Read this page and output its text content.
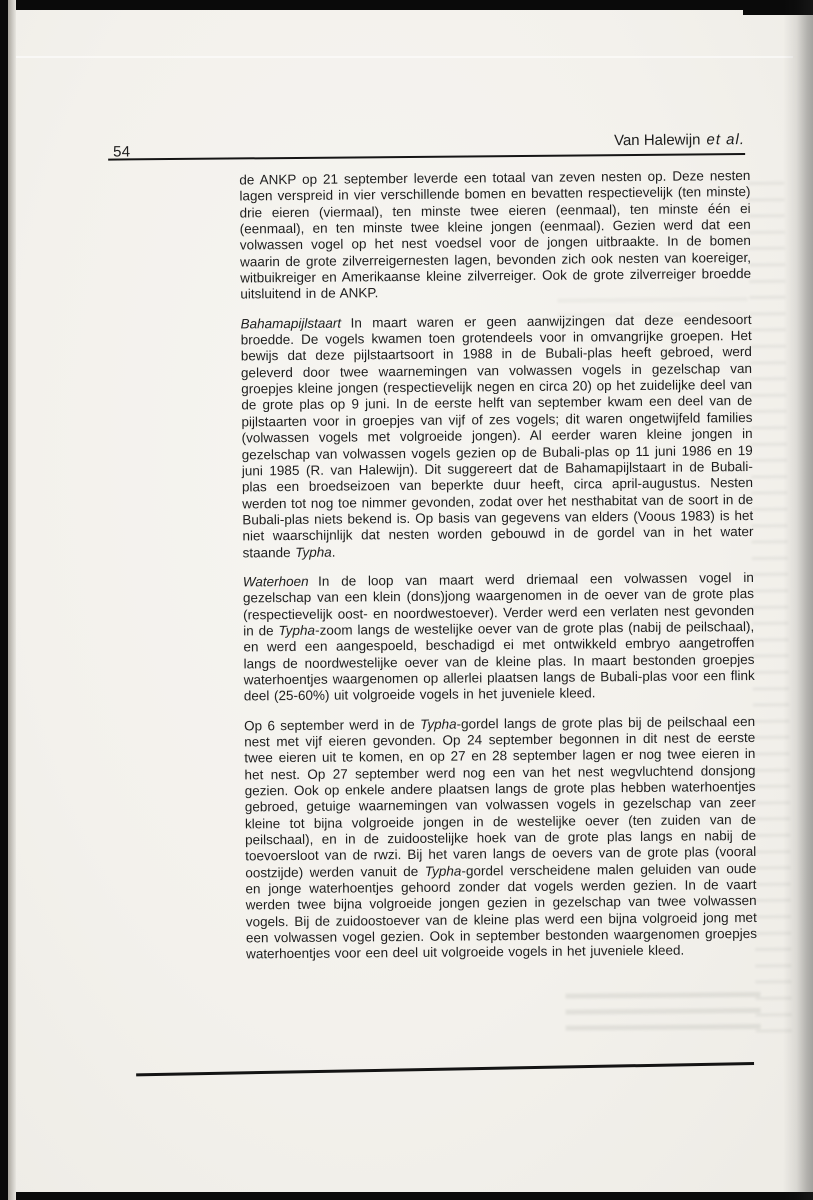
54
Van Halewijn et al.

de ANKP op 21 september leverde een totaal van zeven nesten op. Deze nesten lagen verspreid in vier verschillende bomen en bevatten respectievelijk (ten minste) drie eieren (viermaal), ten minste twee eieren (eenmaal), ten minste één ei (eenmaal), en ten minste twee kleine jongen (eenmaal). Gezien werd dat een volwassen vogel op het nest voedsel voor de jongen uitbraakte. In de bomen waarin de grote zilverreigernesten lagen, bevonden zich ook nesten van koereiger, witbuikreiger en Amerikaanse kleine zilverreiger. Ook de grote zilverreiger broedde uitsluitend in de ANKP.

Bahamapijlstaart In maart waren er geen aanwijzingen dat deze eendesoort broedde. De vogels kwamen toen grotendeels voor in omvangrijke groepen. Het bewijs dat deze pijlstaartsoort in 1988 in de Bubali-plas heeft gebroed, werd geleverd door twee waarnemingen van volwassen vogels in gezelschap van groepjes kleine jongen (respectievelijk negen en circa 20) op het zuidelijke deel van de grote plas op 9 juni. In de eerste helft van september kwam een deel van de pijlstaarten voor in groepjes van vijf of zes vogels; dit waren ongetwijfeld families (volwassen vogels met volgroeide jongen). Al eerder waren kleine jongen in gezelschap van volwassen vogels gezien op de Bubali-plas op 11 juni 1986 en 19 juni 1985 (R. van Halewijn). Dit suggereert dat de Bahamapijlstaart in de Bubali-plas een broedseizoen van beperkte duur heeft, circa april-augustus. Nesten werden tot nog toe nimmer gevonden, zodat over het nesthabitat van de soort in de Bubali-plas niets bekend is. Op basis van gegevens van elders (Voous 1983) is het niet waarschijnlijk dat nesten worden gebouwd in de gordel van in het water staande Typha.

Waterhoen In de loop van maart werd driemaal een volwassen vogel in gezelschap van een klein (dons)jong waargenomen in de oever van de grote plas (respectievelijk oost- en noordwestoever). Verder werd een verlaten nest gevonden in de Typha-zoom langs de westelijke oever van de grote plas (nabij de peilschaal), en werd een aangespoeld, beschadigd ei met ontwikkeld embryo aangetroffen langs de noordwestelijke oever van de kleine plas. In maart bestonden groepjes waterhoentjes waargenomen op allerlei plaatsen langs de Bubali-plas voor een flink deel (25-60%) uit volgroeide vogels in het juveniele kleed.

Op 6 september werd in de Typha-gordel langs de grote plas bij de peilschaal een nest met vijf eieren gevonden. Op 24 september begonnen in dit nest de eerste twee eieren uit te komen, en op 27 en 28 september lagen er nog twee eieren in het nest. Op 27 september werd nog een van het nest wegvluchtend donsjong gezien. Ook op enkele andere plaatsen langs de grote plas hebben waterhoentjes gebroed, getuige waarnemingen van volwassen vogels in gezelschap van zeer kleine tot bijna volgroeide jongen in de westelijke oever (ten zuiden van de peilschaal), en in de zuidoostelijke hoek van de grote plas langs en nabij de toevoersloot van de rwzi. Bij het varen langs de oevers van de grote plas (vooral oostzijde) werden vanuit de Typha-gordel verscheidene malen geluiden van oude en jonge waterhoentjes gehoord zonder dat vogels werden gezien. In de vaart werden twee bijna volgroeide jongen gezien in gezelschap van twee volwassen vogels. Bij de zuidoostoever van de kleine plas werd een bijna volgroeid jong met een volwassen vogel gezien. Ook in september bestonden waargenomen groepjes waterhoentjes voor een deel uit volgroeide vogels in het juveniele kleed.
